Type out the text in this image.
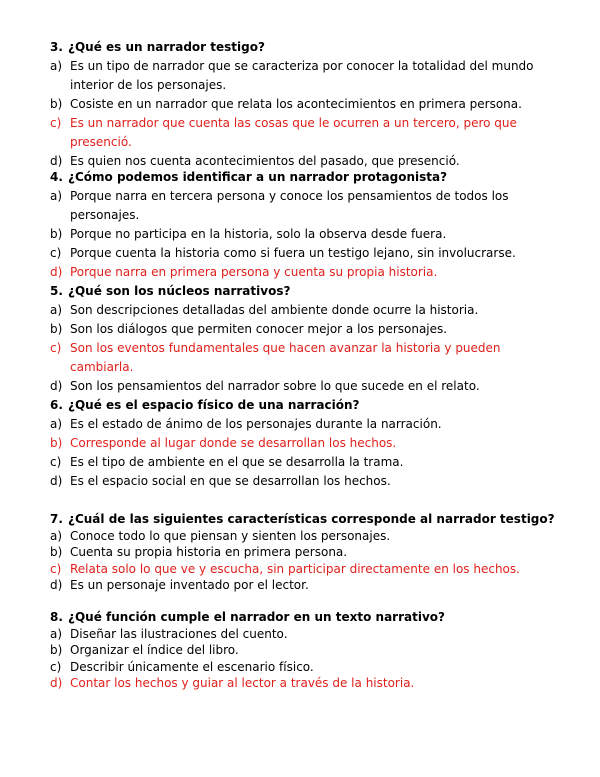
3. ¿Qué es un narrador testigo?
a) Es un tipo de narrador que se caracteriza por conocer la totalidad del mundo interior de los personajes.
b) Cosiste en un narrador que relata los acontecimientos en primera persona.
c) Es un narrador que cuenta las cosas que le ocurren a un tercero, pero que presenció.
d) Es quien nos cuenta acontecimientos del pasado, que presenció.
4. ¿Cómo podemos identificar a un narrador protagonista?
a) Porque narra en tercera persona y conoce los pensamientos de todos los personajes.
b) Porque no participa en la historia, solo la observa desde fuera.
c) Porque cuenta la historia como si fuera un testigo lejano, sin involucrarse.
d) Porque narra en primera persona y cuenta su propia historia.
5. ¿Qué son los núcleos narrativos?
a) Son descripciones detalladas del ambiente donde ocurre la historia.
b) Son los diálogos que permiten conocer mejor a los personajes.
c) Son los eventos fundamentales que hacen avanzar la historia y pueden cambiarla.
d) Son los pensamientos del narrador sobre lo que sucede en el relato.
6. ¿Qué es el espacio físico de una narración?
a) Es el estado de ánimo de los personajes durante la narración.
b) Corresponde al lugar donde se desarrollan los hechos.
c) Es el tipo de ambiente en el que se desarrolla la trama.
d) Es el espacio social en que se desarrollan los hechos.
7. ¿Cuál de las siguientes características corresponde al narrador testigo?
a) Conoce todo lo que piensan y sienten los personajes.
b) Cuenta su propia historia en primera persona.
c) Relata solo lo que ve y escucha, sin participar directamente en los hechos.
d) Es un personaje inventado por el lector.
8. ¿Qué función cumple el narrador en un texto narrativo?
a) Diseñar las ilustraciones del cuento.
b) Organizar el índice del libro.
c) Describir únicamente el escenario físico.
d) Contar los hechos y guiar al lector a través de la historia.
